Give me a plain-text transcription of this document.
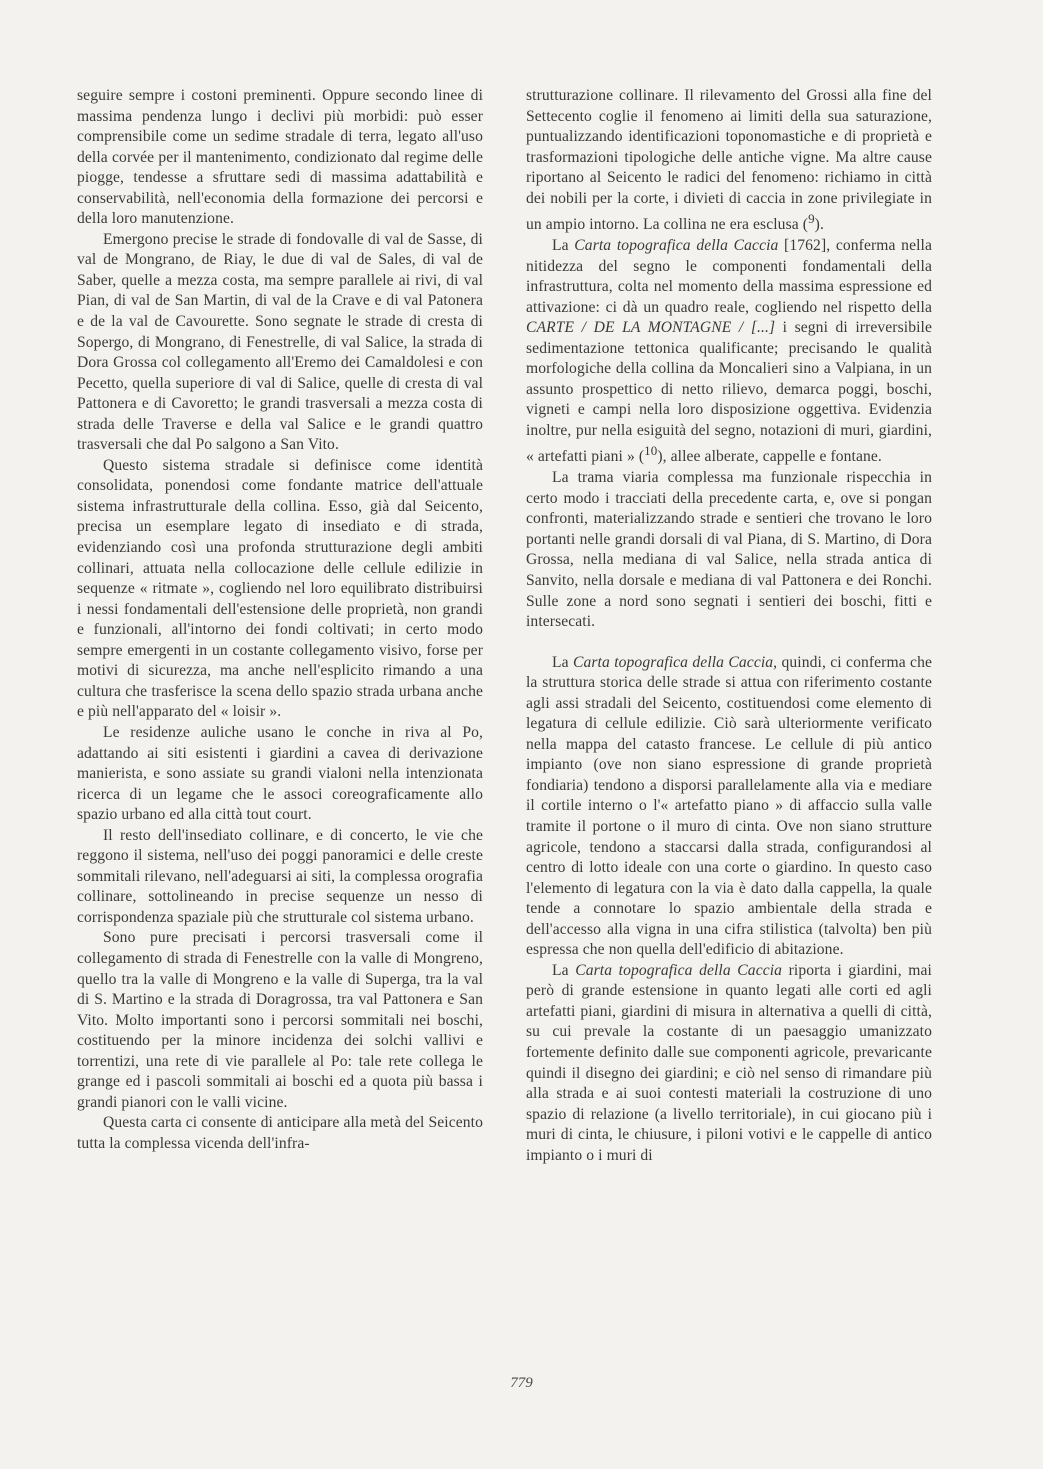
seguire sempre i costoni preminenti. Oppure secondo linee di massima pendenza lungo i declivi più morbidi: può esser comprensibile come un sedime stradale di terra, legato all'uso della corvée per il mantenimento, condizionato dal regime delle piogge, tendesse a sfruttare sedi di massima adattabilità e conservabilità, nell'economia della formazione dei percorsi e della loro manutenzione.

Emergono precise le strade di fondovalle di val de Sasse, di val de Mongrano, de Riay, le due di val de Sales, di val de Saber, quelle a mezza costa, ma sempre parallele ai rivi, di val Pian, di val de San Martin, di val de la Crave e di val Patonera e de la val de Cavourette. Sono segnate le strade di cresta di Sopergo, di Mongrano, di Fenestrelle, di val Salice, la strada di Dora Grossa col collegamento all'Eremo dei Camaldolesi e con Pecetto, quella superiore di val di Salice, quelle di cresta di val Pattonera e di Cavoretto; le grandi trasversali a mezza costa di strada delle Traverse e della val Salice e le grandi quattro trasversali che dal Po salgono a San Vito.

Questo sistema stradale si definisce come identità consolidata, ponendosi come fondante matrice dell'attuale sistema infrastrutturale della collina. Esso, già dal Seicento, precisa un esemplare legato di insediato e di strada, evidenziando così una profonda strutturazione degli ambiti collinari, attuata nella collocazione delle cellule edilizie in sequenze « ritmate », cogliendo nel loro equilibrato distribuirsi i nessi fondamentali dell'estensione delle proprietà, non grandi e funzionali, all'intorno dei fondi coltivati; in certo modo sempre emergenti in un costante collegamento visivo, forse per motivi di sicurezza, ma anche nell'esplicito rimando a una cultura che trasferisce la scena dello spazio strada urbana anche e più nell'apparato del « loisir ».

Le residenze auliche usano le conche in riva al Po, adattando ai siti esistenti i giardini a cavea di derivazione manierista, e sono assiate su grandi vialoni nella intenzionata ricerca di un legame che le associ coreograficamente allo spazio urbano ed alla città tout court.

Il resto dell'insediato collinare, e di concerto, le vie che reggono il sistema, nell'uso dei poggi panoramici e delle creste sommitali rilevano, nell'adeguarsi ai siti, la complessa orografia collinare, sottolineando in precise sequenze un nesso di corrispondenza spaziale più che strutturale col sistema urbano.

Sono pure precisati i percorsi trasversali come il collegamento di strada di Fenestrelle con la valle di Mongreno, quello tra la valle di Mongreno e la valle di Superga, tra la val di S. Martino e la strada di Doragrossa, tra val Pattonera e San Vito. Molto importanti sono i percorsi sommitali nei boschi, costituendo per la minore incidenza dei solchi vallivi e torrentizi, una rete di vie parallele al Po: tale rete collega le grange ed i pascoli sommitali ai boschi ed a quota più bassa i grandi pianori con le valli vicine.

Questa carta ci consente di anticipare alla metà del Seicento tutta la complessa vicenda dell'infra-

strutturazione collinare. Il rilevamento del Grossi alla fine del Settecento coglie il fenomeno ai limiti della sua saturazione, puntualizzando identificazioni toponomastiche e di proprietà e trasformazioni tipologiche delle antiche vigne. Ma altre cause riportano al Seicento le radici del fenomeno: richiamo in città dei nobili per la corte, i divieti di caccia in zone privilegiate in un ampio intorno. La collina ne era esclusa ($^9$).

La Carta topografica della Caccia [1762], conferma nella nitidezza del segno le componenti fondamentali della infrastruttura, colta nel momento della massima espressione ed attivazione: ci dà un quadro reale, cogliendo nel rispetto della CARTE / DE LA MONTAGNE / [...] i segni di irreversibile sedimentazione tettonica qualificante; precisando le qualità morfologiche della collina da Moncalieri sino a Valpiana, in un assunto prospettico di netto rilievo, demarca poggi, boschi, vigneti e campi nella loro disposizione oggettiva. Evidenzia inoltre, pur nella esiguità del segno, notazioni di muri, giardini, « artefatti piani » ($^{10}$), allee alberate, cappelle e fontane.

La trama viaria complessa ma funzionale rispecchia in certo modo i tracciati della precedente carta, e, ove si pongan confronti, materializzando strade e sentieri che trovano le loro portanti nelle grandi dorsali di val Piana, di S. Martino, di Dora Grossa, nella mediana di val Salice, nella strada antica di Sanvito, nella dorsale e mediana di val Pattonera e dei Ronchi. Sulle zone a nord sono segnati i sentieri dei boschi, fitti e intersecati.

La Carta topografica della Caccia, quindi, ci conferma che la struttura storica delle strade si attua con riferimento costante agli assi stradali del Seicento, costituendosi come elemento di legatura di cellule edilizie. Ciò sarà ulteriormente verificato nella mappa del catasto francese. Le cellule di più antico impianto (ove non siano espressione di grande proprietà fondiaria) tendono a disporsi parallelamente alla via e mediare il cortile interno o l'« artefatto piano » di affaccio sulla valle tramite il portone o il muro di cinta. Ove non siano strutture agricole, tendono a staccarsi dalla strada, configurandosi al centro di lotto ideale con una corte o giardino. In questo caso l'elemento di legatura con la via è dato dalla cappella, la quale tende a connotare lo spazio ambientale della strada e dell'accesso alla vigna in una cifra stilistica (talvolta) ben più espressa che non quella dell'edificio di abitazione.

La Carta topografica della Caccia riporta i giardini, mai però di grande estensione in quanto legati alle corti ed agli artefatti piani, giardini di misura in alternativa a quelli di città, su cui prevale la costante di un paesaggio umanizzato fortemente definito dalle sue componenti agricole, prevaricante quindi il disegno dei giardini; e ciò nel senso di rimandare più alla strada e ai suoi contesti materiali la costruzione di uno spazio di relazione (a livello territoriale), in cui giocano più i muri di cinta, le chiusure, i piloni votivi e le cappelle di antico impianto o i muri di

779
